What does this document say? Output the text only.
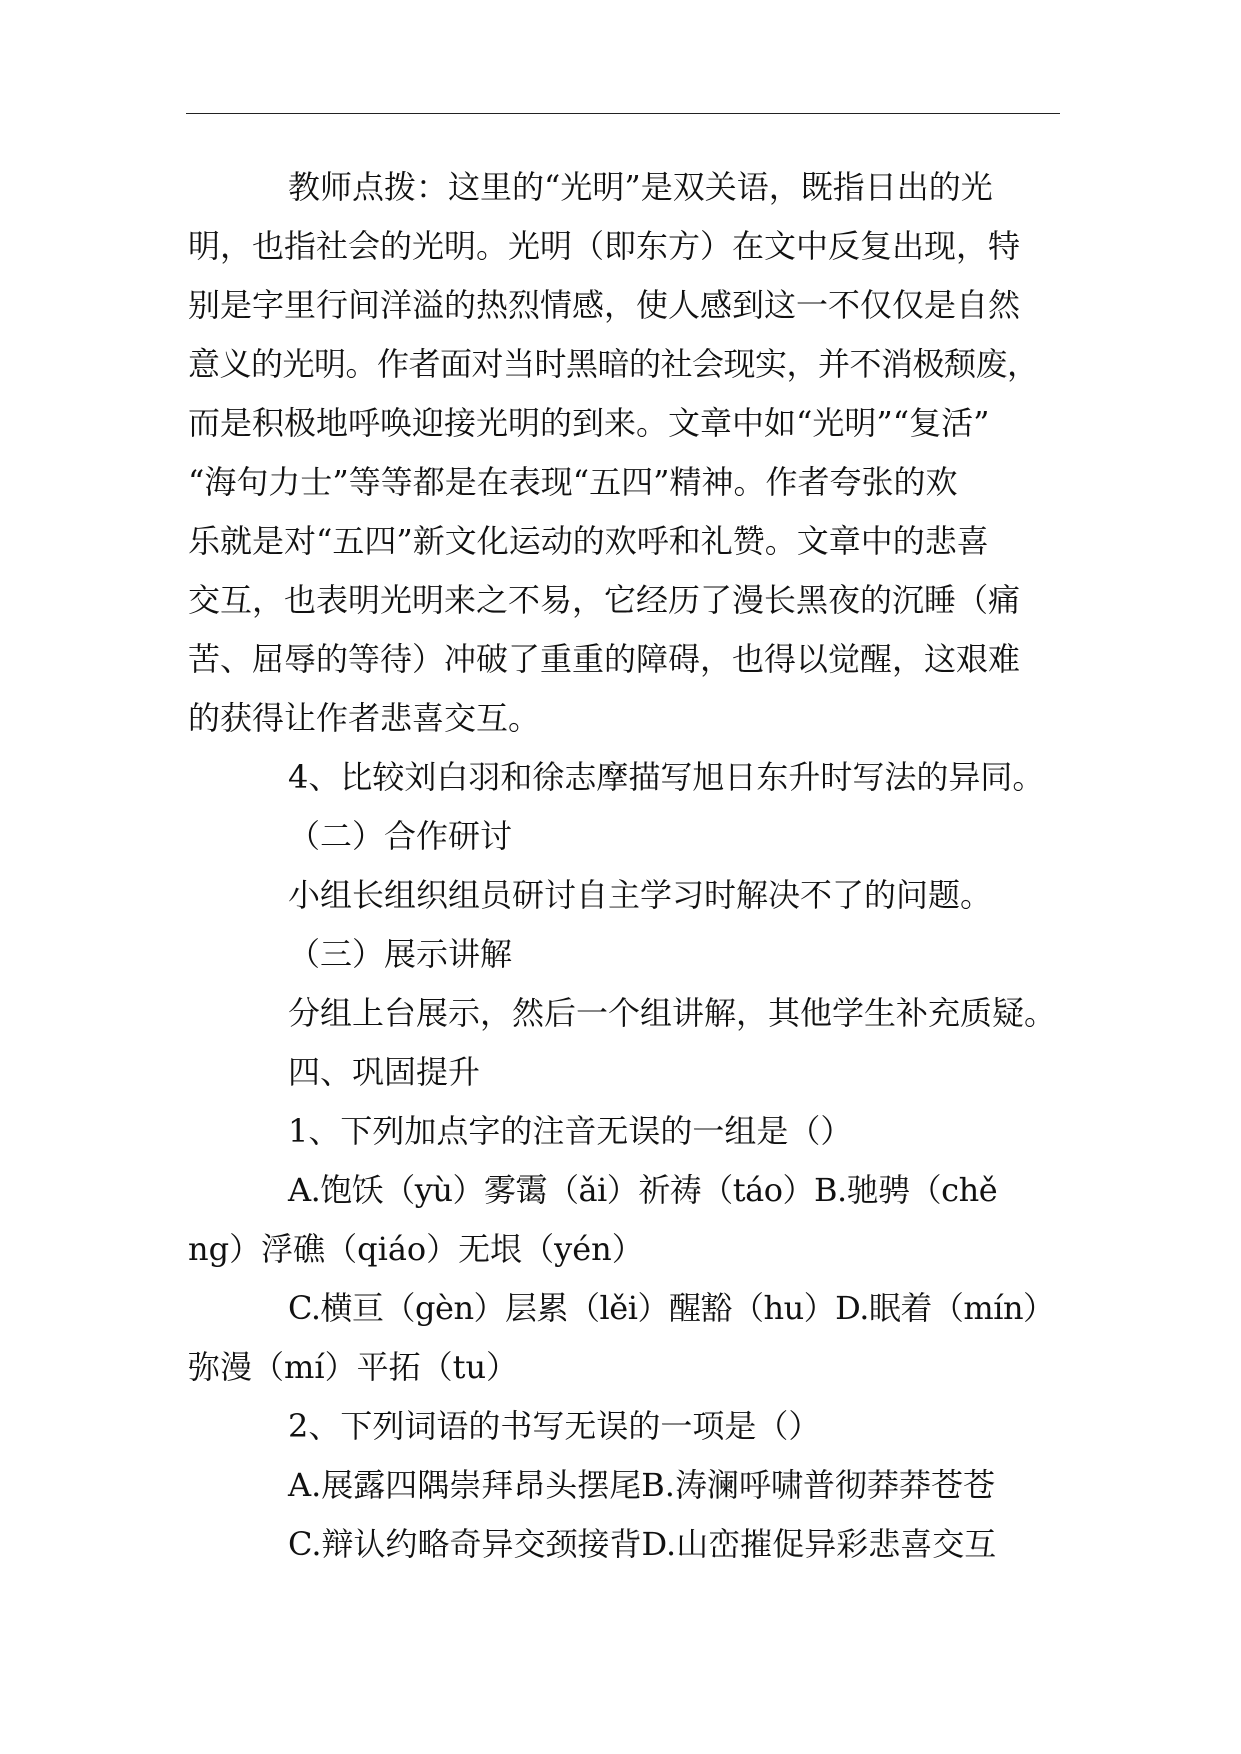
教师点拨：这里的“光明”是双关语，既指日出的光
明，也指社会的光明。光明（即东方）在文中反复出现，特
别是字里行间洋溢的热烈情感，使人感到这一不仅仅是自然
意义的光明。作者面对当时黑暗的社会现实，并不消极颓废，
而是积极地呼唤迎接光明的到来。文章中如“光明”“复活”
“海句力士”等等都是在表现“五四”精神。作者夸张的欢
乐就是对“五四”新文化运动的欢呼和礼赞。文章中的悲喜
交互，也表明光明来之不易，它经历了漫长黑夜的沉睡（痛
苦、屈辱的等待）冲破了重重的障碍，也得以觉醒，这艰难
的获得让作者悲喜交互。
4、比较刘白羽和徐志摩描写旭日东升时写法的异同。
（二）合作研讨
小组长组织组员研讨自主学习时解决不了的问题。
（三）展示讲解
分组上台展示，然后一个组讲解，其他学生补充质疑。
四、巩固提升
1、下列加点字的注音无误的一组是（）
A.饱饫（yù）雾霭（ǎi）祈祷（táo）B.驰骋（chě
ng）浮礁（qiáo）无垠（yén）
C.横亘（gèn）层累（lěi）醒豁（hu）D.眠着（mín）
弥漫（mí）平拓（tu）
2、下列词语的书写无误的一项是（）
A.展露四隅崇拜昂头摆尾B.涛澜呼啸普彻莽莽苍苍
C.辩认约略奇异交颈接背D.山峦摧促异彩悲喜交互
